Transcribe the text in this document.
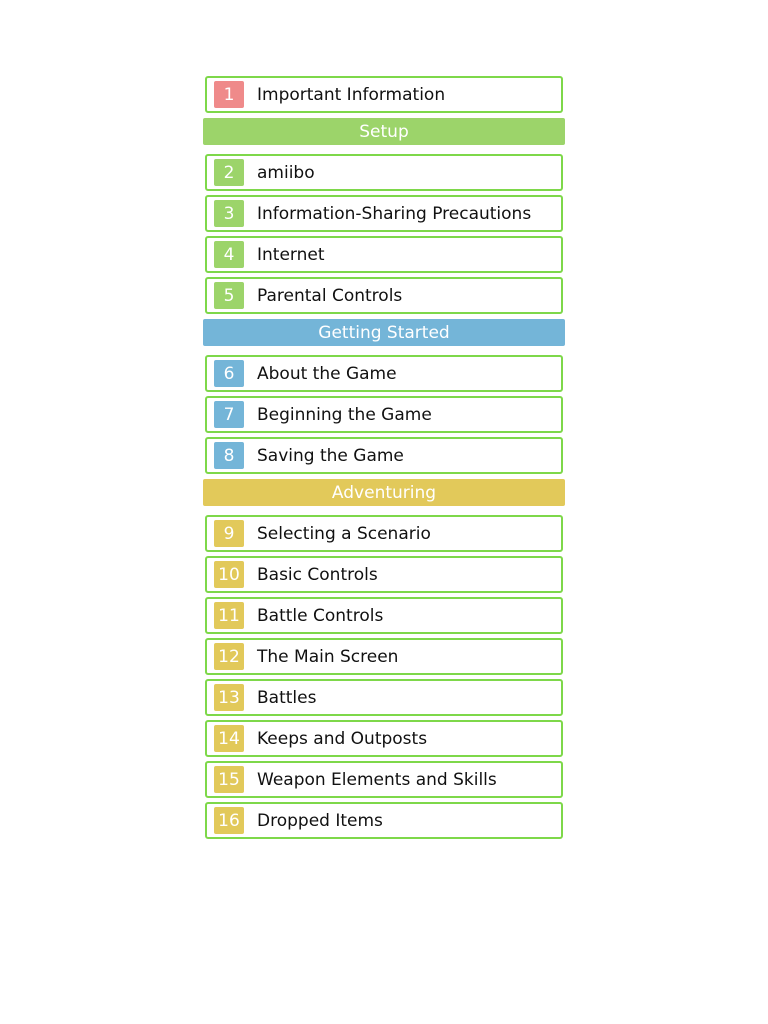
1	Important Information
Setup
2	amiibo
3	Information-Sharing Precautions
4	Internet
5	Parental Controls
Getting Started
6	About the Game
7	Beginning the Game
8	Saving the Game
Adventuring
9	Selecting a Scenario
10 Basic Controls
11 Battle Controls
12 The Main Screen
13 Battles
14 Keeps and Outposts
15 Weapon Elements and Skills
16 Dropped Items
